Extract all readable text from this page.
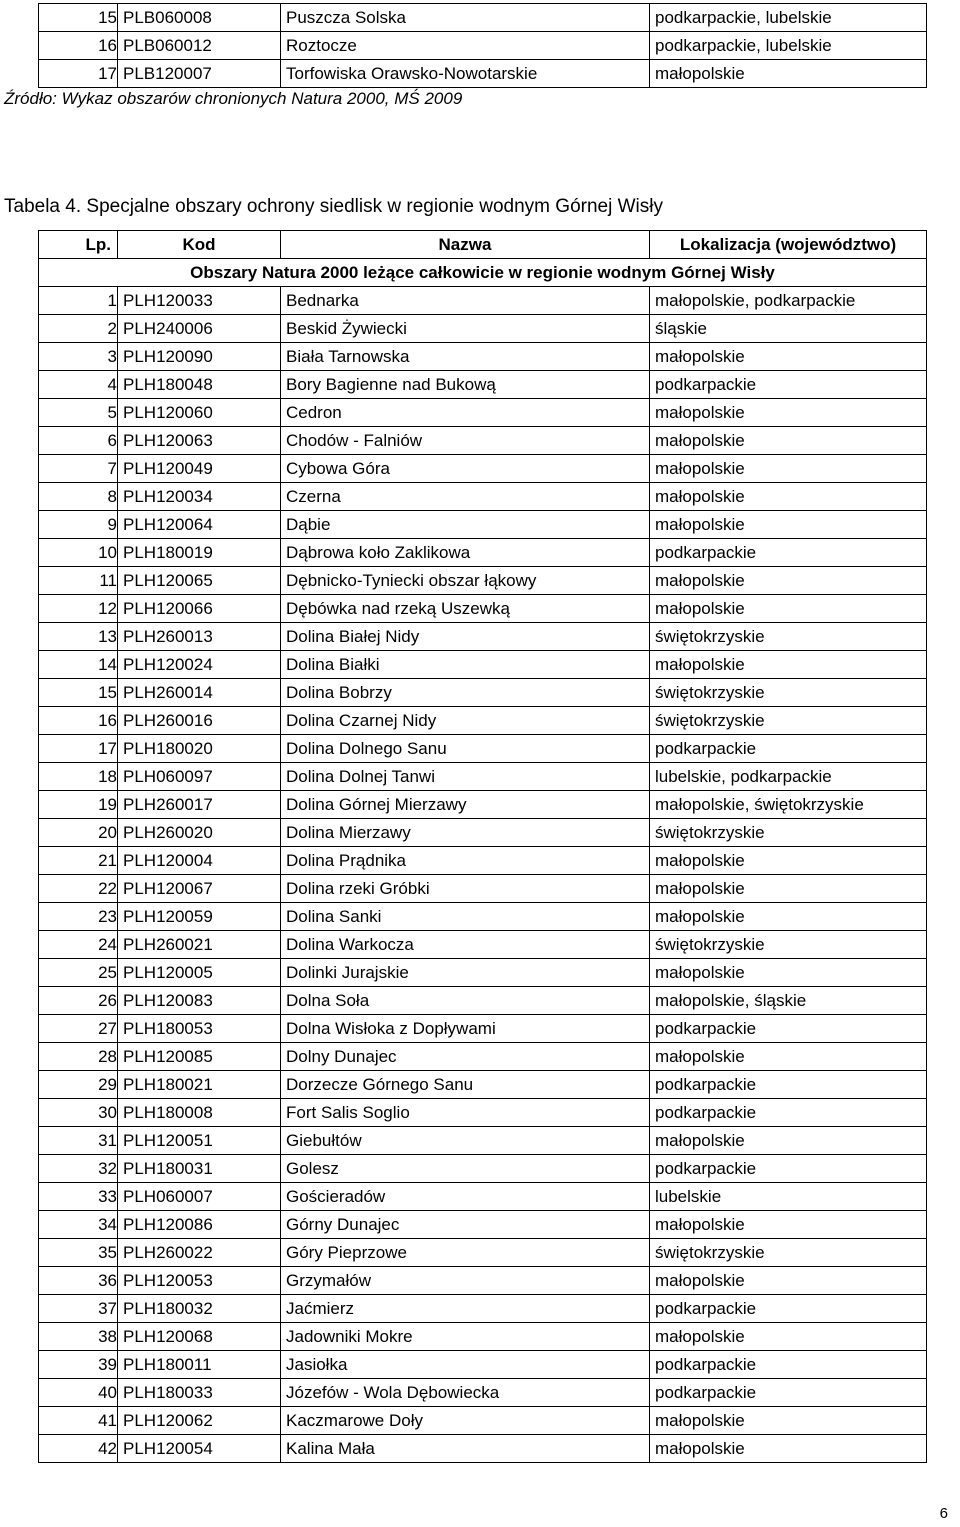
15	PLB060008	Puszcza Solska	podkarpackie, lubelskie
16	PLB060012	Roztocze	podkarpackie, lubelskie
17	PLB120007	Torfowiska Orawsko-Nowotarskie	małopolskie
Źródło: Wykaz obszarów chronionych Natura 2000, MŚ 2009
Tabela 4. Specjalne obszary ochrony siedlisk w regionie wodnym Górnej Wisły
Lp.	Kod	Nazwa	Lokalizacja (województwo)
Obszary Natura 2000 leżące całkowicie w regionie wodnym Górnej Wisły			
1	PLH120033	Bednarka	małopolskie, podkarpackie
2	PLH240006	Beskid Żywiecki	śląskie
3	PLH120090	Biała Tarnowska	małopolskie
4	PLH180048	Bory Bagienne nad Bukową	podkarpackie
5	PLH120060	Cedron	małopolskie
6	PLH120063	Chodów - Falniów	małopolskie
7	PLH120049	Cybowa Góra	małopolskie
8	PLH120034	Czerna	małopolskie
9	PLH120064	Dąbie	małopolskie
10	PLH180019	Dąbrowa koło Zaklikowa	podkarpackie
11	PLH120065	Dębnicko-Tyniecki obszar łąkowy	małopolskie
12	PLH120066	Dębówka nad rzeką Uszewką	małopolskie
13	PLH260013	Dolina Białej Nidy	świętokrzyskie
14	PLH120024	Dolina Białki	małopolskie
15	PLH260014	Dolina Bobrzy	świętokrzyskie
16	PLH260016	Dolina Czarnej Nidy	świętokrzyskie
17	PLH180020	Dolina Dolnego Sanu	podkarpackie
18	PLH060097	Dolina Dolnej Tanwi	lubelskie, podkarpackie
19	PLH260017	Dolina Górnej Mierzawy	małopolskie, świętokrzyskie
20	PLH260020	Dolina Mierzawy	świętokrzyskie
21	PLH120004	Dolina Prądnika	małopolskie
22	PLH120067	Dolina rzeki Gróbki	małopolskie
23	PLH120059	Dolina Sanki	małopolskie
24	PLH260021	Dolina Warkocza	świętokrzyskie
25	PLH120005	Dolinki Jurajskie	małopolskie
26	PLH120083	Dolna Soła	małopolskie, śląskie
27	PLH180053	Dolna Wisłoka z Dopływami	podkarpackie
28	PLH120085	Dolny Dunajec	małopolskie
29	PLH180021	Dorzecze Górnego Sanu	podkarpackie
30	PLH180008	Fort Salis Soglio	podkarpackie
31	PLH120051	Giebułtów	małopolskie
32	PLH180031	Golesz	podkarpackie
33	PLH060007	Gościeradów	lubelskie
34	PLH120086	Górny Dunajec	małopolskie
35	PLH260022	Góry Pieprzowe	świętokrzyskie
36	PLH120053	Grzymałów	małopolskie
37	PLH180032	Jaćmierz	podkarpackie
38	PLH120068	Jadowniki Mokre	małopolskie
39	PLH180011	Jasiołka	podkarpackie
40	PLH180033	Józefów - Wola Dębowiecka	podkarpackie
41	PLH120062	Kaczmarowe Doły	małopolskie
42	PLH120054	Kalina Mała	małopolskie
6
